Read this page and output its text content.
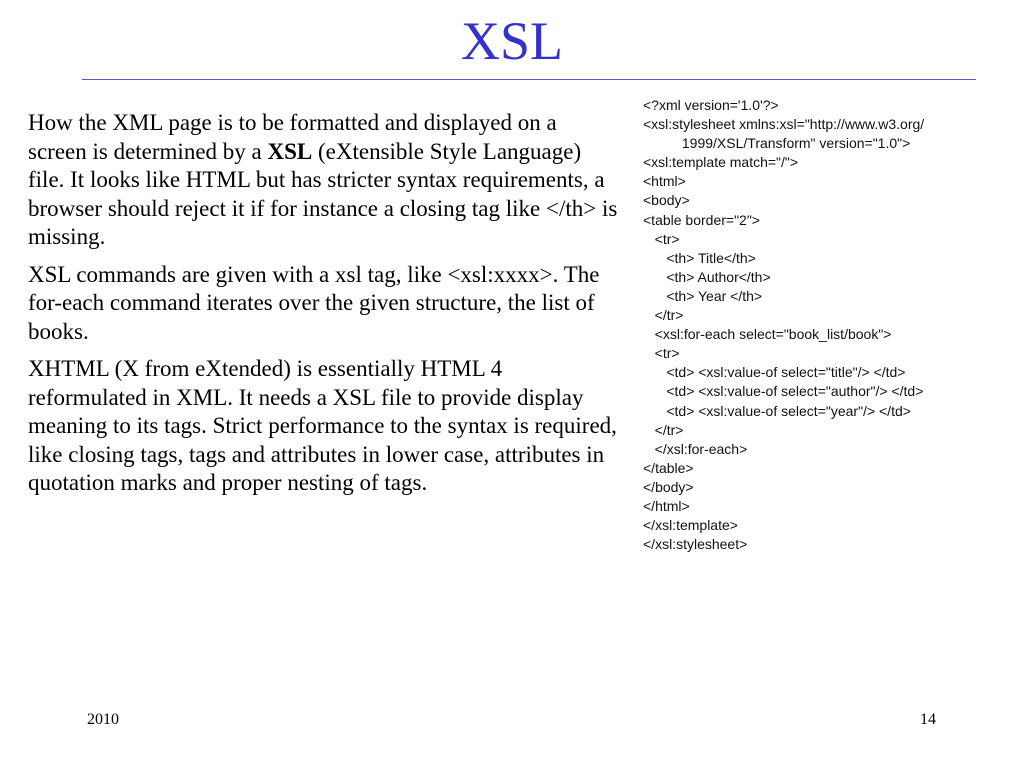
XSL

How the XML page is to be formatted and displayed on a screen is determined by a XSL (eXtensible Style Language) file. It looks like HTML but has stricter syntax requirements, a browser should reject it if for instance a closing tag like </th> is missing.

XSL commands are given with a xsl tag, like <xsl:xxxx>. The for-each command iterates over the given structure, the list of books.

XHTML (X from eXtended) is essentially HTML 4 reformulated in XML. It needs a XSL file to provide display meaning to its tags. Strict performance to the syntax is required, like closing tags, tags and attributes in lower case, attributes in quotation marks and proper nesting of tags.

<?xml version='1.0'?>
<xsl:stylesheet xmlns:xsl="http://www.w3.org/
1999/XSL/Transform" version="1.0">
<xsl:template match="/">
<html>
<body>
<table border="2">
<tr>
<th> Title</th>
<th> Author</th>
<th> Year </th>
</tr>
<xsl:for-each select="book_list/book">
<tr>
<td> <xsl:value-of select="title"/> </td>
<td> <xsl:value-of select="author"/> </td>
<td> <xsl:value-of select="year"/> </td>
</tr>
</xsl:for-each>
</table>
</body>
</html>
</xsl:template>
</xsl:stylesheet>
2010	14
